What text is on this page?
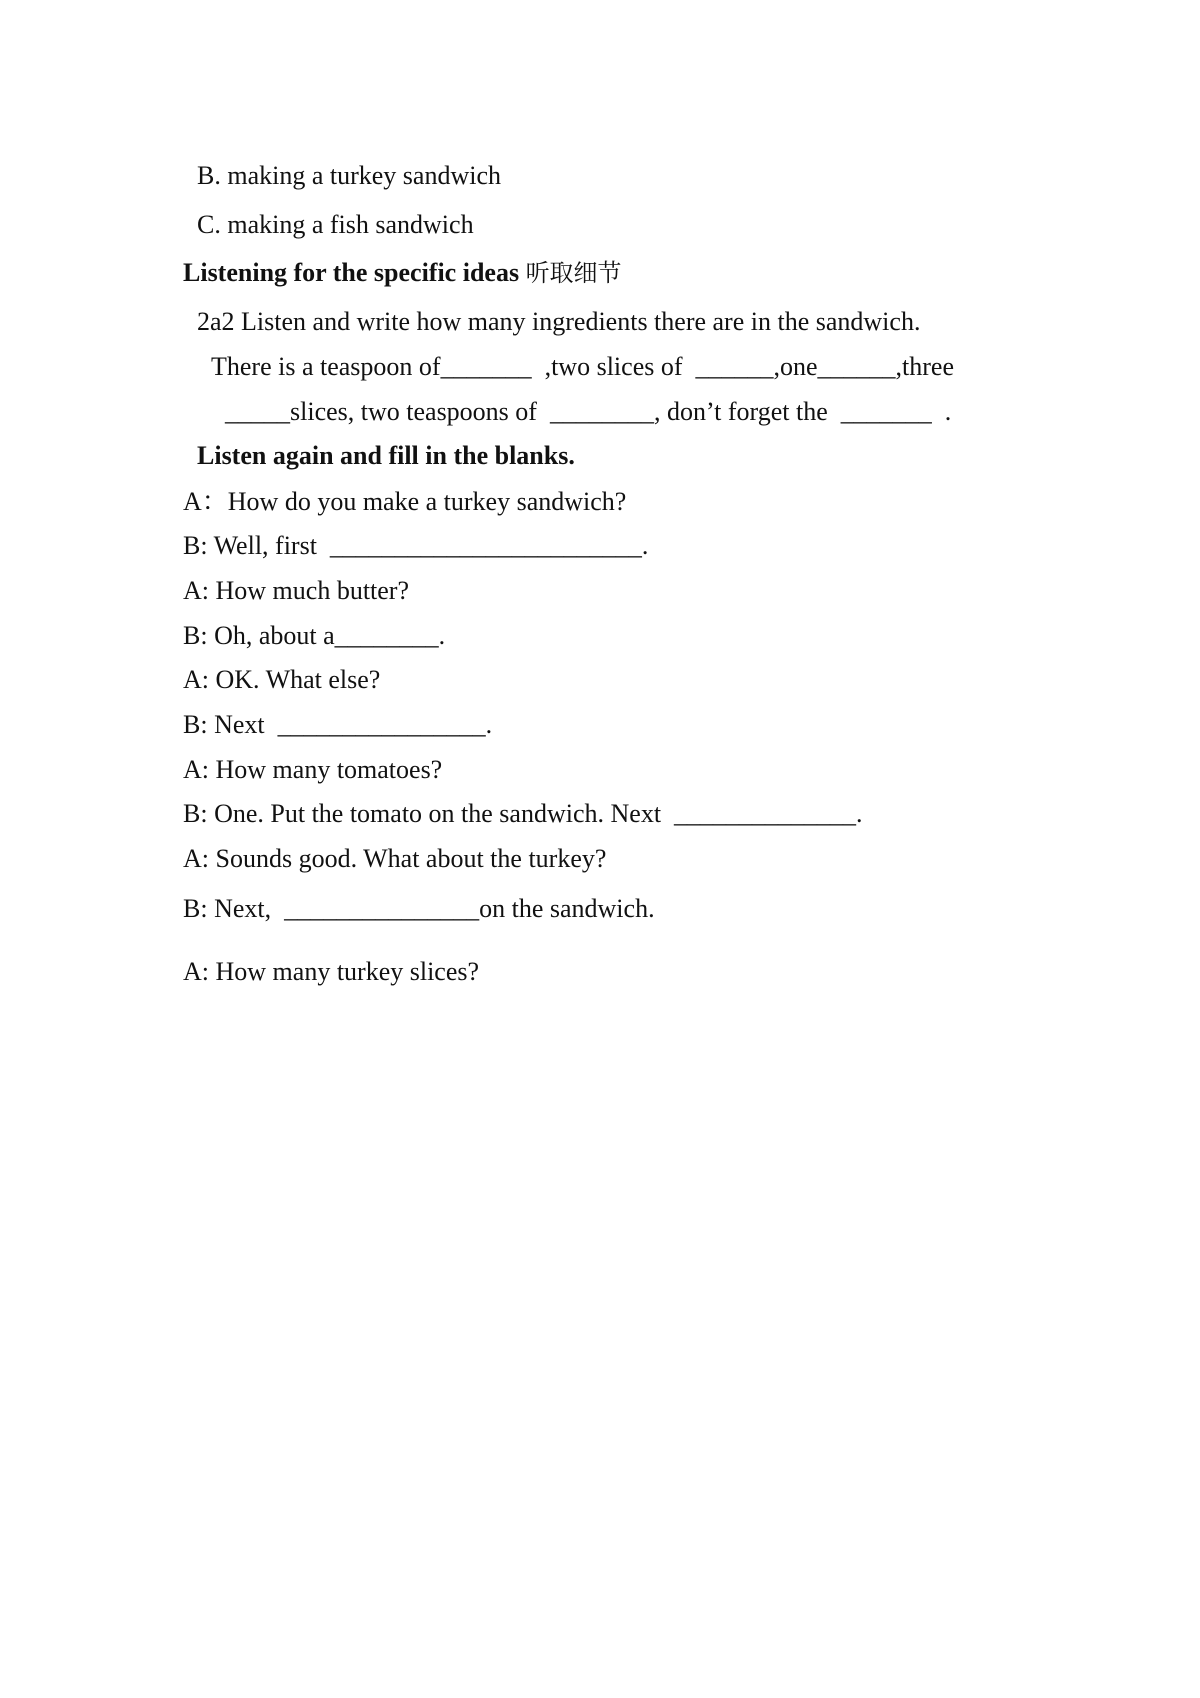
B. making a turkey sandwich
C. making a fish sandwich
Listening for the specific ideas 听取细节
2a2 Listen and write how many ingredients there are in the sandwich.
There is a teaspoon of_______  ,two slices of  ______,one______,three
_____slices, two teaspoons of  ________, don’t forget the  _______  .
Listen again and fill in the blanks.
A：How do you make a turkey sandwich?
B: Well, first  ________________________.
A: How much butter?
B: Oh, about a________.
A: OK. What else?
B: Next  ________________.
A: How many tomatoes?
B: One. Put the tomato on the sandwich. Next  ______________.
A: Sounds good. What about the turkey?
B: Next,  _______________on the sandwich.
A: How many turkey slices?
